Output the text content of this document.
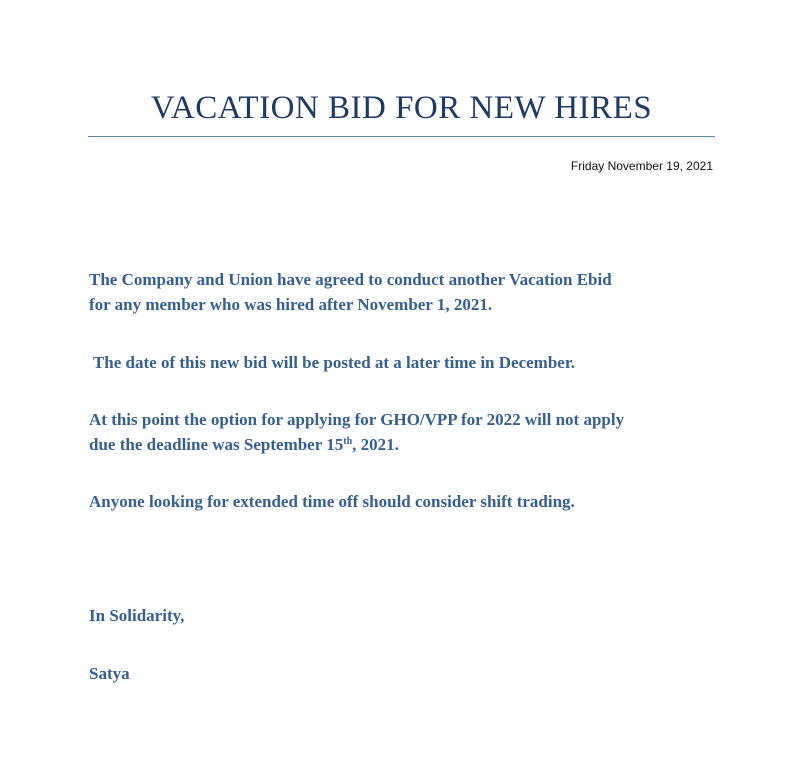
VACATION BID FOR NEW HIRES
Friday November 19, 2021
The Company and Union have agreed to conduct another Vacation Ebid
for any member who was hired after November 1, 2021.
The date of this new bid will be posted at a later time in December.
At this point the option for applying for GHO/VPP for 2022 will not apply
due the deadline was September 15th, 2021.
Anyone looking for extended time off should consider shift trading.
In Solidarity,
Satya
